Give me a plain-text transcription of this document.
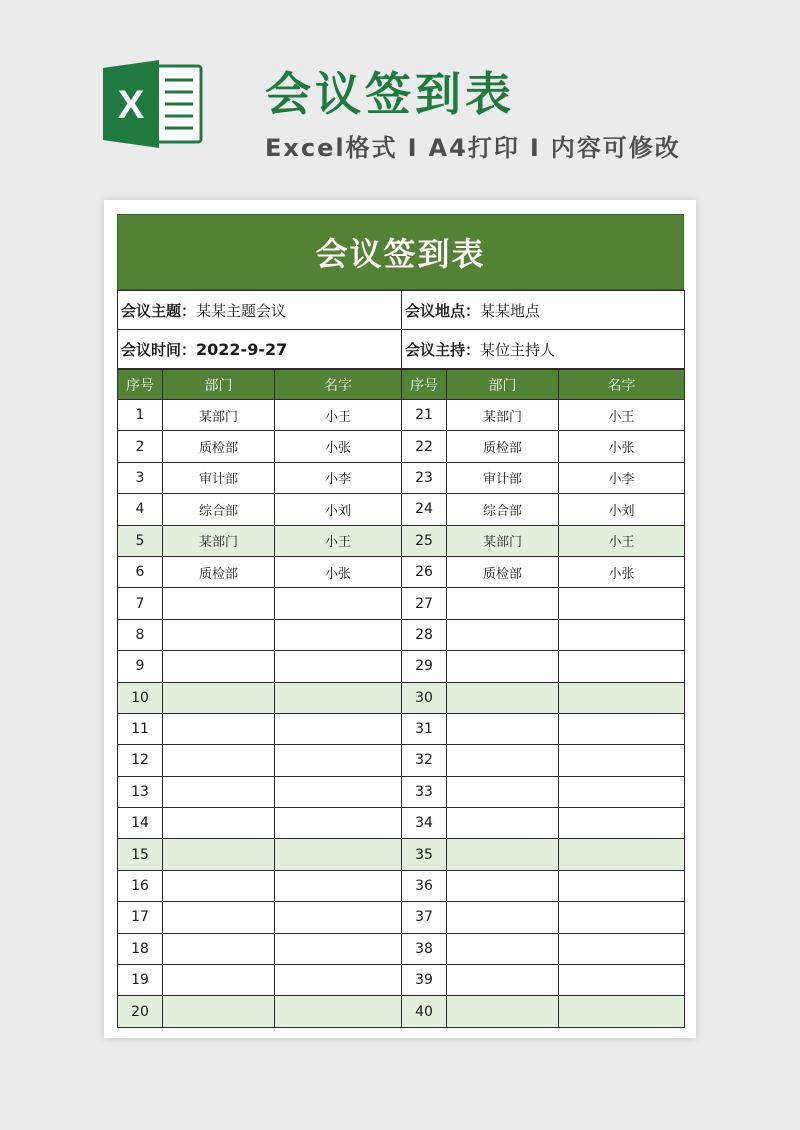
X	会议签到表
Excel格式 I A4打印 I 内容可修改
会议签到表
会议主题：某某主题会议	会议地点：某某地点
会议时间：2022-9-27	会议主持：某位主持人
序号	部门	名字	序号	部门	名字
1	某部门	小王	21	某部门	小王
2	质检部	小张	22	质检部	小张
3	审计部	小李	23	审计部	小李
4	综合部	小刘	24	综合部	小刘
5	某部门	小王	25	某部门	小王
6	质检部	小张	26	质检部	小张
7			27		
8			28		
9			29		
10			30		
11			31		
12			32		
13			33		
14			34		
15			35		
16			36		
17			37		
18			38		
19			39		
20			40		
